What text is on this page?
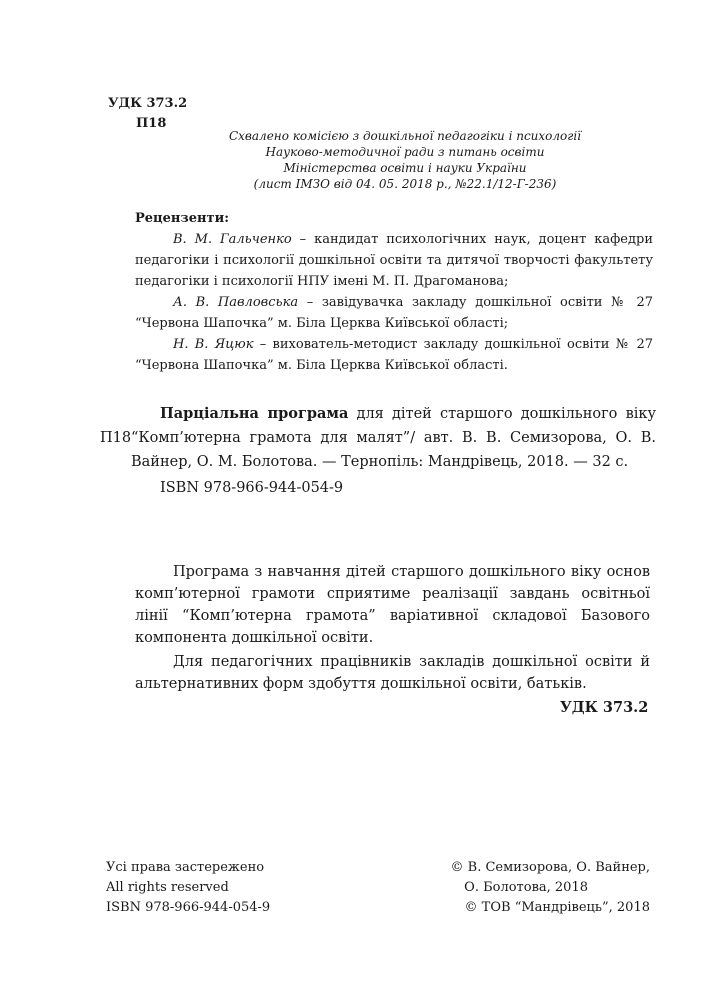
УДК 373.2
П18
Схвалено комісією з дошкільної педагогіки і психології
Науково-методичної ради з питань освіти
Міністерства освіти і науки України
(лист ІМЗО від 04. 05. 2018 р., №22.1/12-Г-236)
Рецензенти:

В. М. Гальченко – кандидат психологічних наук, доцент кафедри педагогіки і психології дошкільної освіти та дитячої творчості факультету педагогіки і психології НПУ імені М. П. Драгоманова;

А. В. Павловська – завідувачка закладу дошкільної освіти № 27 “Червона Шапочка” м. Біла Церква Київської області;

Н. В. Яцюк – вихователь-методист закладу дошкільної освіти № 27 “Червона Шапочка” м. Біла Церква Київської області.

П18
Парціальна програма для дітей старшого дошкільного віку “Комп’ютерна грамота для малят”/ авт. В. В. Семизорова, О. В. Вайнер, О. М. Болотова. — Тернопіль: Мандрівець, 2018. — 32 с.
ISBN 978-966-944-054-9

Програма з навчання дітей старшого дошкільного віку основ комп’ютерної грамоти сприятиме реалізації завдань освітньої лінії “Комп’ютерна грамота” варіативної складової Базового компонента дошкільної освіти.

Для педагогічних працівників закладів дошкільної освіти й альтернативних форм здобуття дошкільної освіти, батьків.

УДК 373.2
Усі права застережено
All rights reserved
ISBN 978-966-944-054-9
© В. Семизорова, О. Вайнер,
О. Болотова, 2018
© ТОВ “Мандрівець”, 2018
